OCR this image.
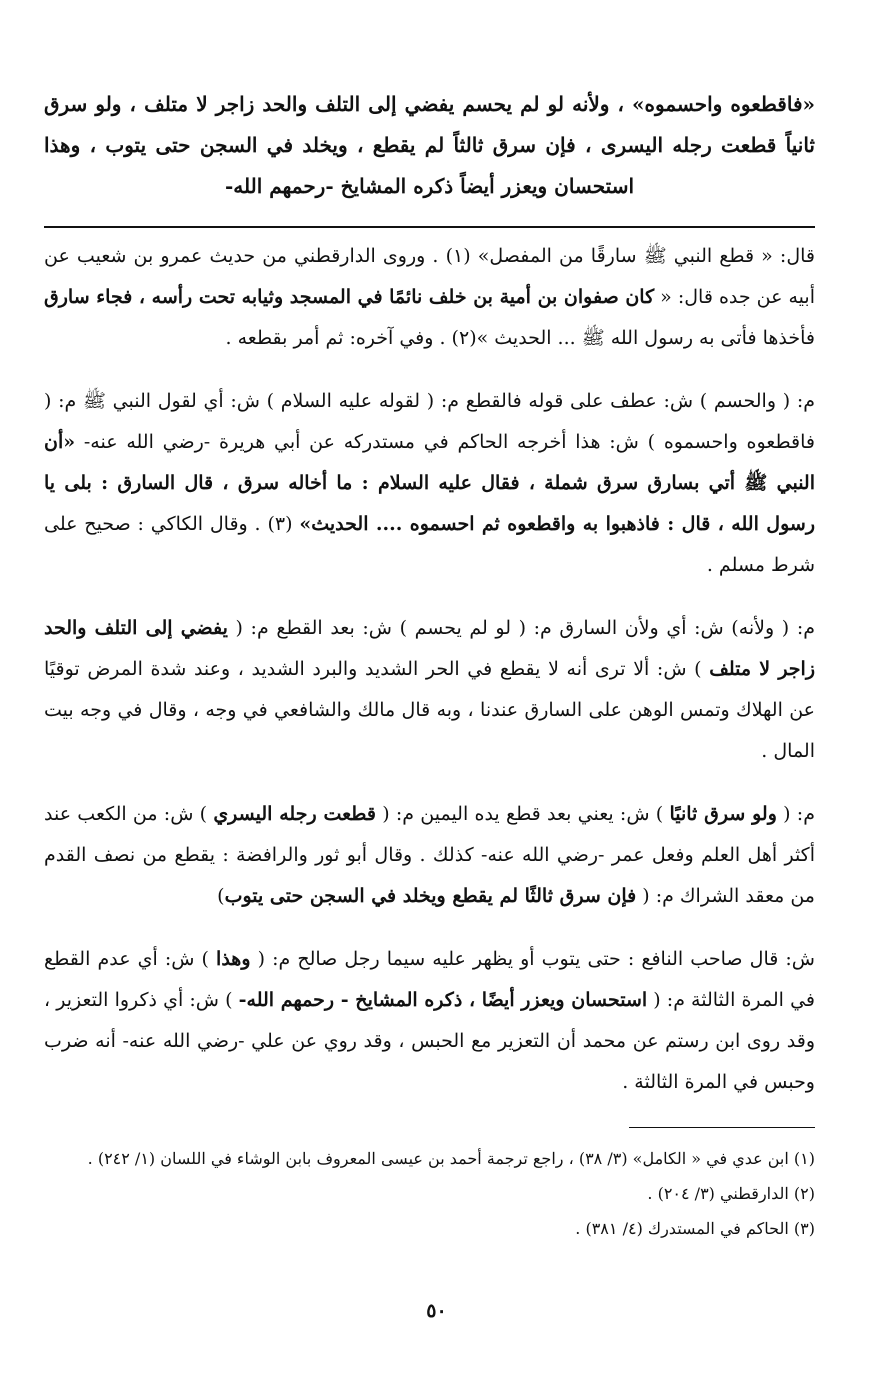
«فاقطعوه واحسموه» ، ولأنه لو لم يحسم يفضي إلى التلف والحد زاجر لا متلف ، ولو سرق ثانياً قطعت رجله اليسرى ، فإن سرق ثالثاً لم يقطع ، ويخلد في السجن حتى يتوب ، وهذا استحسان ويعزر أيضاً ذكره المشايخ -رحمهم الله-

قال: « قطع النبي ﷺ سارقًا من المفصل» (١) . وروى الدارقطني من حديث عمرو بن شعيب عن أبيه عن جده قال: « كان صفوان بن أمية بن خلف نائمًا في المسجد وثيابه تحت رأسه ، فجاء سارق فأخذها فأتى به رسول الله ﷺ ... الحديث »(٢) . وفي آخره: ثم أمر بقطعه .

م: ( والحسم ) ش: عطف على قوله فالقطع م: ( لقوله عليه السلام ) ش: أي لقول النبي ﷺ م: ( فاقطعوه واحسموه ) ش: هذا أخرجه الحاكم في مستدركه عن أبي هريرة -رضي الله عنه- «أن النبي ﷺ أتي بسارق سرق شملة ، فقال عليه السلام : ما أخاله سرق ، قال السارق : بلى يا رسول الله ، قال : فاذهبوا به واقطعوه ثم احسموه .... الحديث» (٣) . وقال الكاكي : صحيح على شرط مسلم .

م: ( ولأنه) ش: أي ولأن السارق م: ( لو لم يحسم ) ش: بعد القطع م: ( يفضي إلى التلف والحد زاجر لا متلف ) ش: ألا ترى أنه لا يقطع في الحر الشديد والبرد الشديد ، وعند شدة المرض توقيًا عن الهلاك وتمس الوهن على السارق عندنا ، وبه قال مالك والشافعي في وجه ، وقال في وجه بيت المال .

م: ( ولو سرق ثانيًا ) ش: يعني بعد قطع يده اليمين م: ( قطعت رجله اليسري ) ش: من الكعب عند أكثر أهل العلم وفعل عمر -رضي الله عنه- كذلك . وقال أبو ثور والرافضة : يقطع من نصف القدم من معقد الشراك م: ( فإن سرق ثالثًا لم يقطع ويخلد في السجن حتى يتوب)

ش: قال صاحب النافع : حتى يتوب أو يظهر عليه سيما رجل صالح م: ( وهذا ) ش: أي عدم القطع في المرة الثالثة م: ( استحسان ويعزر أيضًا ، ذكره المشايخ - رحمهم الله- ) ش: أي ذكروا التعزير ، وقد روى ابن رستم عن محمد أن التعزير مع الحبس ، وقد روي عن علي -رضي الله عنه- أنه ضرب وحبس في المرة الثالثة .

(١) ابن عدي في « الكامل» (٣/ ٣٨) ، راجع ترجمة أحمد بن عيسى المعروف بابن الوشاء في اللسان (١/ ٢٤٢) .
(٢) الدارقطني (٣/ ٢٠٤) .
(٣) الحاكم في المستدرك (٤/ ٣٨١) .
٥٠
